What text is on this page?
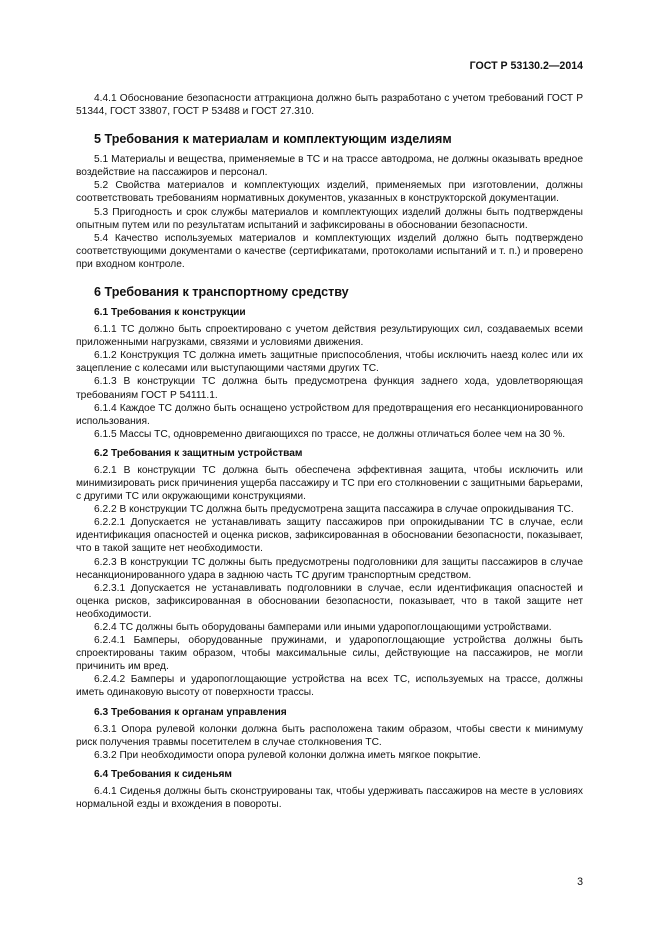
ГОСТ Р 53130.2—2014

4.4.1 Обоснование безопасности аттракциона должно быть разработано с учетом требований ГОСТ Р 51344, ГОСТ 33807, ГОСТ Р 53488 и ГОСТ 27.310.

5 Требования к материалам и комплектующим изделиям

5.1 Материалы и вещества, применяемые в ТС и на трассе автодрома, не должны оказывать вредное воздействие на пассажиров и персонал.

5.2 Свойства материалов и комплектующих изделий, применяемых при изготовлении, должны соответствовать требованиям нормативных документов, указанных в конструкторской документации.

5.3 Пригодность и срок службы материалов и комплектующих изделий должны быть подтверждены опытным путем или по результатам испытаний и зафиксированы в обосновании безопасности.

5.4 Качество используемых материалов и комплектующих изделий должно быть подтверждено соответствующими документами о качестве (сертификатами, протоколами испытаний и т. п.) и проверено при входном контроле.

6 Требования к транспортному средству
6.1 Требования к конструкции

6.1.1 ТС должно быть спроектировано с учетом действия результирующих сил, создаваемых всеми приложенными нагрузками, связями и условиями движения.

6.1.2 Конструкция ТС должна иметь защитные приспособления, чтобы исключить наезд колес или их зацепление с колесами или выступающими частями других ТС.

6.1.3 В конструкции ТС должна быть предусмотрена функция заднего хода, удовлетворяющая требованиям ГОСТ Р 54111.1.

6.1.4 Каждое ТС должно быть оснащено устройством для предотвращения его несанкционированного использования.

6.1.5 Массы ТС, одновременно двигающихся по трассе, не должны отличаться более чем на 30 %.

6.2 Требования к защитным устройствам

6.2.1 В конструкции ТС должна быть обеспечена эффективная защита, чтобы исключить или минимизировать риск причинения ущерба пассажиру и ТС при его столкновении с защитными барьерами, с другими ТС или окружающими конструкциями.

6.2.2 В конструкции ТС должна быть предусмотрена защита пассажира в случае опрокидывания ТС.

6.2.2.1 Допускается не устанавливать защиту пассажиров при опрокидывании ТС в случае, если идентификация опасностей и оценка рисков, зафиксированная в обосновании безопасности, показывает, что в такой защите нет необходимости.

6.2.3 В конструкции ТС должны быть предусмотрены подголовники для защиты пассажиров в случае несанкционированного удара в заднюю часть ТС другим транспортным средством.

6.2.3.1 Допускается не устанавливать подголовники в случае, если идентификация опасностей и оценка рисков, зафиксированная в обосновании безопасности, показывает, что в такой защите нет необходимости.

6.2.4 ТС должны быть оборудованы бамперами или иными ударопоглощающими устройствами.

6.2.4.1 Бамперы, оборудованные пружинами, и ударопоглощающие устройства должны быть спроектированы таким образом, чтобы максимальные силы, действующие на пассажиров, не могли причинить им вред.

6.2.4.2 Бамперы и ударопоглощающие устройства на всех ТС, используемых на трассе, должны иметь одинаковую высоту от поверхности трассы.

6.3 Требования к органам управления

6.3.1 Опора рулевой колонки должна быть расположена таким образом, чтобы свести к минимуму риск получения травмы посетителем в случае столкновения ТС.

6.3.2 При необходимости опора рулевой колонки должна иметь мягкое покрытие.

6.4 Требования к сиденьям

6.4.1 Сиденья должны быть сконструированы так, чтобы удерживать пассажиров на месте в условиях нормальной езды и вхождения в повороты.

3
